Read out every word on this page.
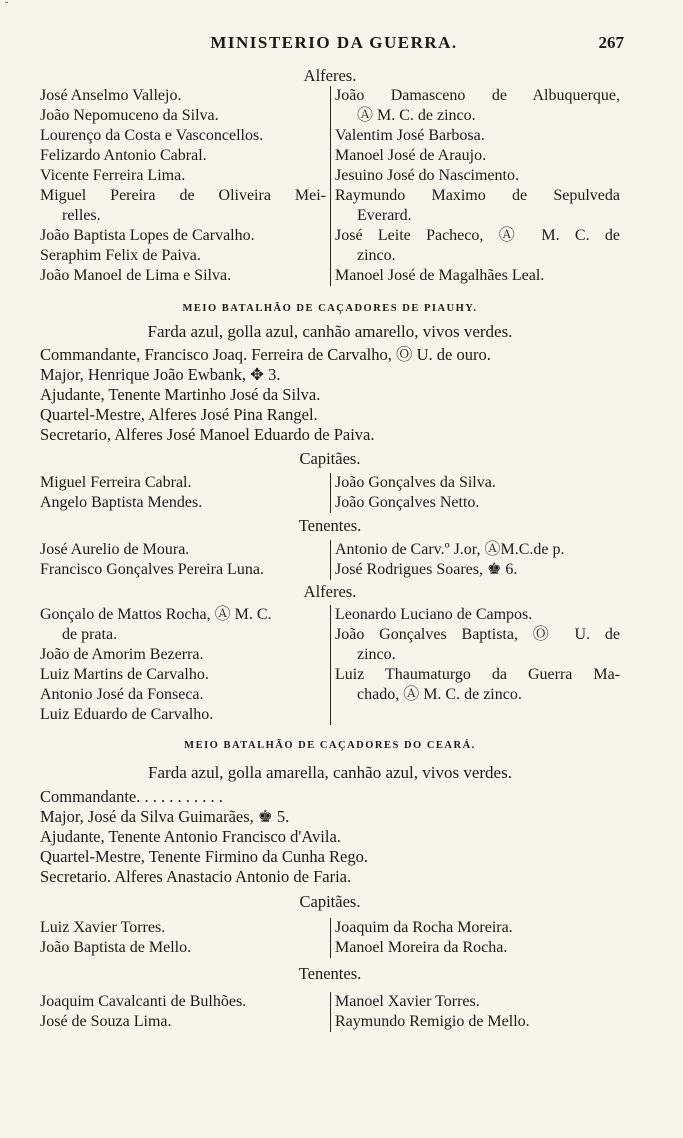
˘
MINISTERIO DA GUERRA.	267
Alferes.
José Anselmo Vallejo.
João Nepomuceno da Silva.
Lourenço da Costa e Vasconcellos.
Felizardo Antonio Cabral.
Vicente Ferreira Lima.
Miguel Pereira de Oliveira Mei-
relles.
João Baptista Lopes de Carvalho.
Seraphim Felix de Paiva.
João Manoel de Lima e Silva.
João Damasceno de Albuquerque,
Ⓐ M. C. de zinco.
Valentim José Barbosa.
Manoel José de Araujo.
Jesuino José do Nascimento.
Raymundo Maximo de Sepulveda
Everard.
José Leite Pacheco, Ⓐ M. C. de
zinco.
Manoel José de Magalhães Leal.
MEIO BATALHÃO DE CAÇADORES DE PIAUHY.
Farda azul, golla azul, canhão amarello, vivos verdes.
Commandante, Francisco Joaq. Ferreira de Carvalho, Ⓞ U. de ouro.
Major, Henrique João Ewbank, ✥ 3.
Ajudante, Tenente Martinho José da Silva.
Quartel-Mestre, Alferes José Pina Rangel.
Secretario, Alferes José Manoel Eduardo de Paiva.
Capitães.
Miguel Ferreira Cabral.
Angelo Baptista Mendes.
João Gonçalves da Silva.
João Gonçalves Netto.
Tenentes.
José Aurelio de Moura.
Francisco Gonçalves Pereira Luna.
Antonio de Carv.º J.or, ⒶM.C.de p.
José Rodrigues Soares, ♚ 6.
Alferes.
Gonçalo de Mattos Rocha, Ⓐ M. C.
de prata.
João de Amorim Bezerra.
Luiz Martins de Carvalho.
Antonio José da Fonseca.
Luiz Eduardo de Carvalho.
Leonardo Luciano de Campos.
João Gonçalves Baptista, Ⓞ U. de
zinco.
Luiz Thaumaturgo da Guerra Ma-
chado, Ⓐ M. C. de zinco.
MEIO BATALHÃO DE CAÇADORES DO CEARÁ.
Farda azul, golla amarella, canhão azul, vivos verdes.
Commandante. . . . . . . . . . .
Major, José da Silva Guimarães, ♚ 5.
Ajudante, Tenente Antonio Francisco d'Avila.
Quartel-Mestre, Tenente Firmino da Cunha Rego.
Secretario. Alferes Anastacio Antonio de Faria.
Capitães.
Luiz Xavier Torres.
João Baptista de Mello.
Joaquim da Rocha Moreira.
Manoel Moreira da Rocha.
Tenentes.
Joaquim Cavalcanti de Bulhões.
José de Souza Lima.
Manoel Xavier Torres.
Raymundo Remigio de Mello.
